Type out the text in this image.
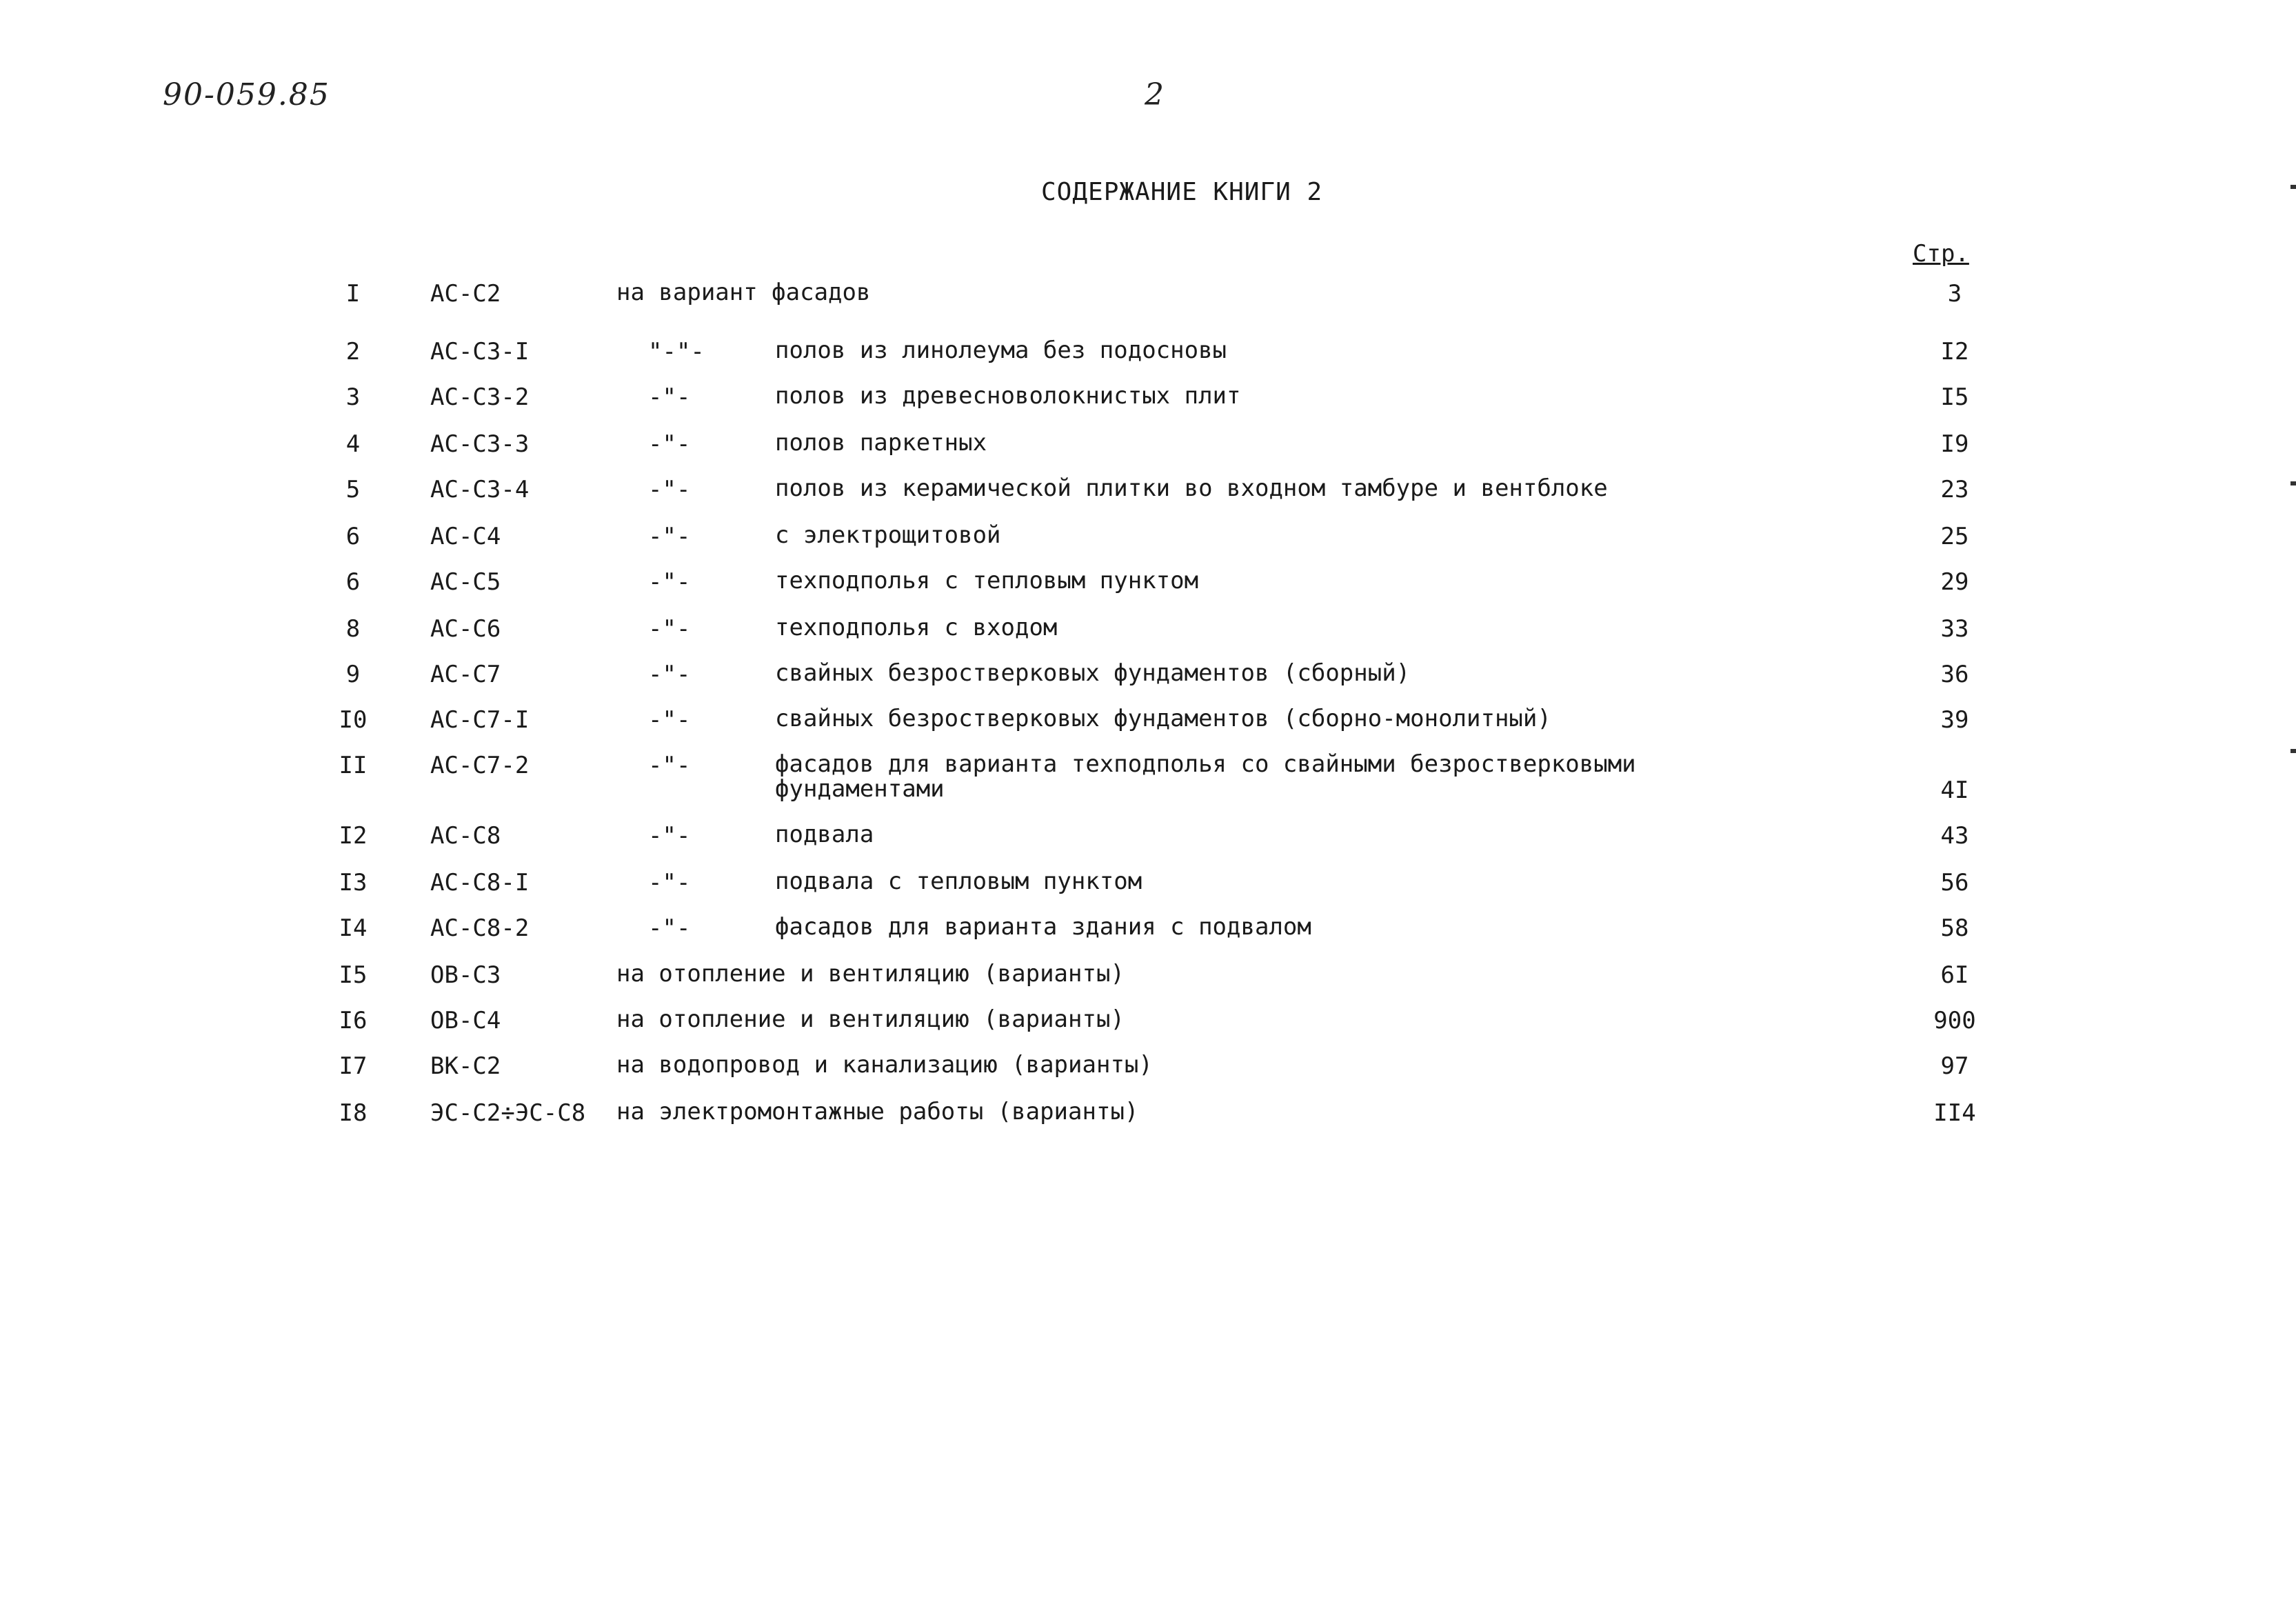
90-059.85	2
СОДЕРЖАНИЕ КНИГИ 2
Стр.
I	АС-С2	на вариант фасадов	3
2	АС-С3-I	"-"-	полов из линолеума без подосновы	I2
3	АС-С3-2	-"-	полов из древесноволокнистых плит	I5
4	АС-С3-3	-"-	полов паркетных	I9
5	АС-С3-4	-"-	полов из керамической плитки во входном тамбуре и вентблоке	23
6	АС-С4	-"-	с электрощитовой	25
6	АС-С5	-"-	техподполья с тепловым пунктом	29
8	АС-С6	-"-	техподполья с входом	33
9	АС-С7	-"-	свайных безростверковых фундаментов (сборный)	36
I0	АС-С7-I	-"-	свайных безростверковых фундаментов (сборно-монолитный)	39
II	АС-С7-2	-"-	фасадов для варианта техподполья со свайными безростверковыми фундаментами	4I
I2	АС-С8	-"-	подвала	43
I3	АС-С8-I	-"-	подвала с тепловым пунктом	56
I4	АС-С8-2	-"-	фасадов для варианта здания с подвалом	58
I5	ОВ-С3	на отопление и вентиляцию (варианты)	6I
I6	ОВ-С4	на отопление и вентиляцию (варианты)	900
I7	ВК-С2	на водопровод и канализацию (варианты)	97
I8	ЭС-С2÷ЭС-С8 на электромонтажные работы (варианты)	II4
